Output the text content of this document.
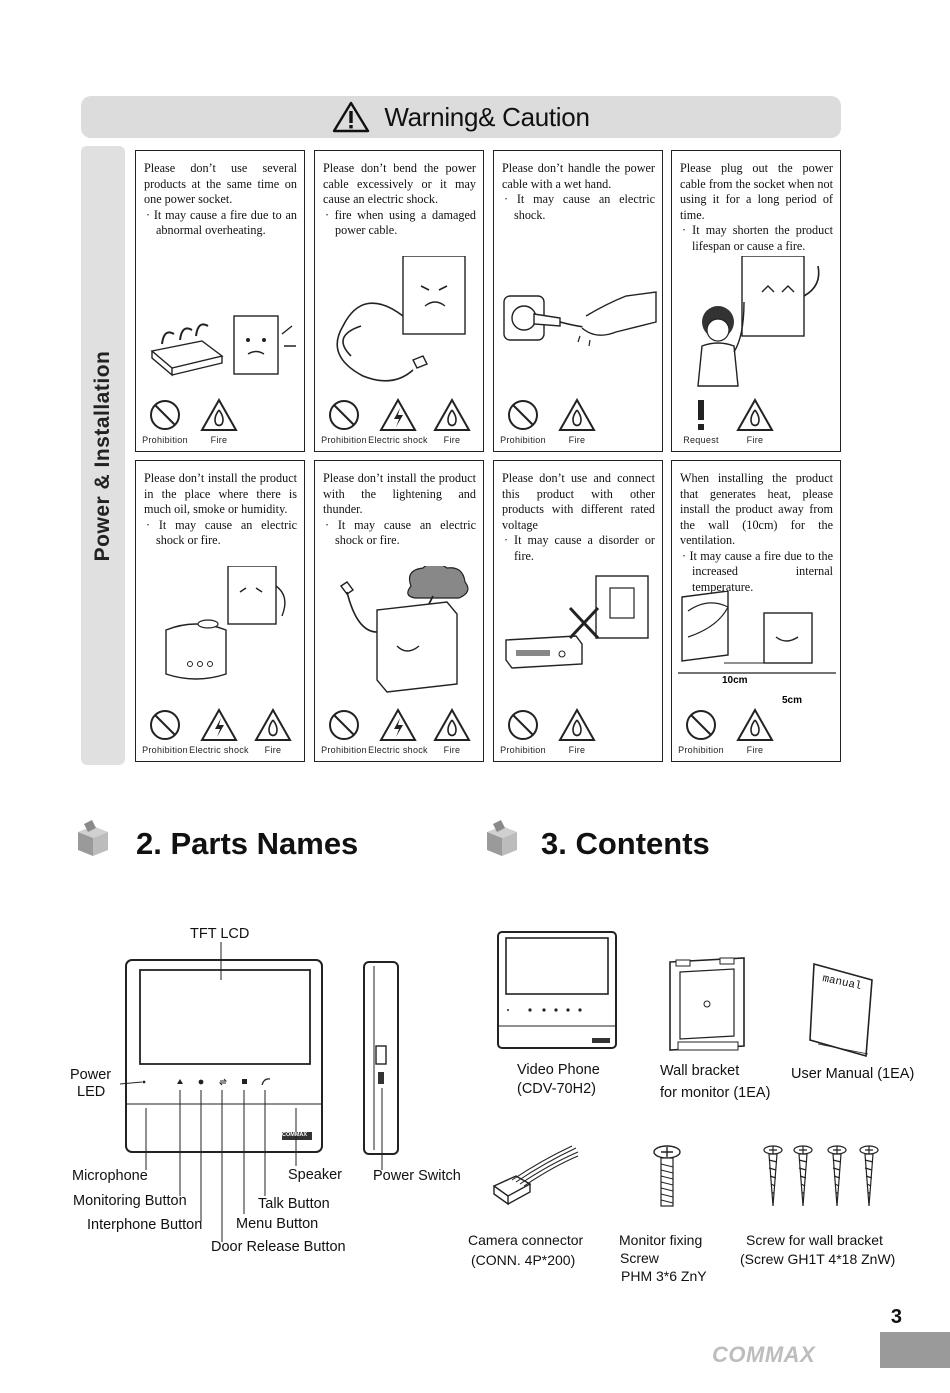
Warning& Caution
Power & Installation
Please don’t use several products at the same time on one power socket.
· It may cause a fire due to an abnormal overheating.
Prohibition	Fire
Please don’t bend the power cable excessively or it may cause an electric shock.
· fire when using a damaged power cable.
Prohibition Electric shock Fire
Please don’t handle the power cable with a wet hand.
· It may cause an electric shock.
Prohibition	Fire
Please plug out the power cable from the socket when not using it for a long period of time.
· It may shorten the product lifespan or cause a fire.
Request	Fire
Please don’t install the product in the place where there is much oil, smoke or humidity.
· It may cause an electric shock or fire.
Prohibition Electric shock Fire
Please don’t install the product with the lightening and thunder.
· It may cause an electric shock or fire.
Prohibition Electric shock Fire
Please don’t use and connect this product with other products with different rated voltage
· It may cause a disorder or fire.
Prohibition	Fire
When installing the product that generates heat, please install the product away from the wall (10cm) for the ventilation.
· It may cause a fire due to the increased internal temperature.
10cm
5cm
Prohibition	Fire
2. Parts Names	3. Contents
COMMAX
TFT LCD
Power
LED
Microphone
Monitoring Button
Interphone Button
Door Release Button
Menu Button
Talk Button
Speaker Power Switch
Video Phone
(CDV-70H2)
Wall bracket
for monitor (1EA)
manual
User Manual (1EA)
Camera connector
(CONN. 4P*200)
Monitor fixing
Screw
PHM 3*6 ZnY
Screw for wall bracket
(Screw GH1T 4*18 ZnW)
3
COMMAX
